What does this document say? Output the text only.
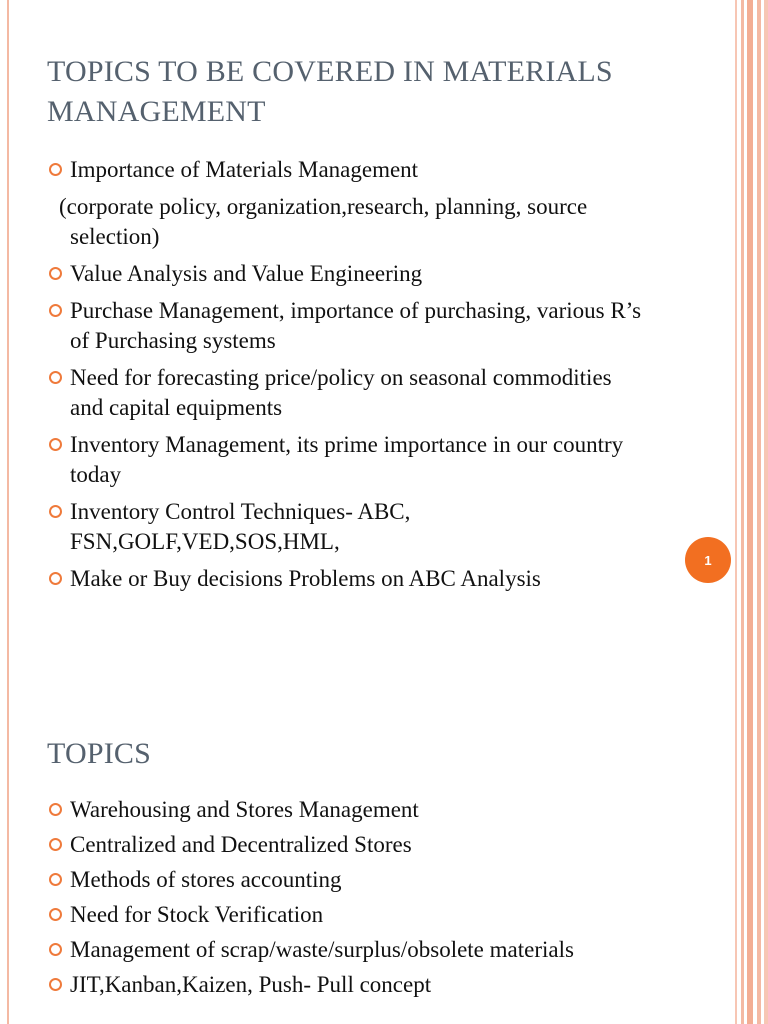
TOPICS TO BE COVERED IN MATERIALS MANAGEMENT
Importance of Materials Management
(corporate policy, organization,research, planning, source selection)
Value Analysis and Value Engineering
Purchase Management, importance of purchasing, various R’s of Purchasing systems
Need for forecasting price/policy on seasonal commodities and capital equipments
Inventory Management, its prime importance in our country today
Inventory Control Techniques- ABC, FSN,GOLF,VED,SOS,HML,
Make or Buy decisions Problems on ABC Analysis
1
TOPICS
Warehousing and Stores Management
Centralized and Decentralized Stores
Methods of stores accounting
Need for Stock Verification
Management of scrap/waste/surplus/obsolete materials
JIT,Kanban,Kaizen, Push- Pull concept
